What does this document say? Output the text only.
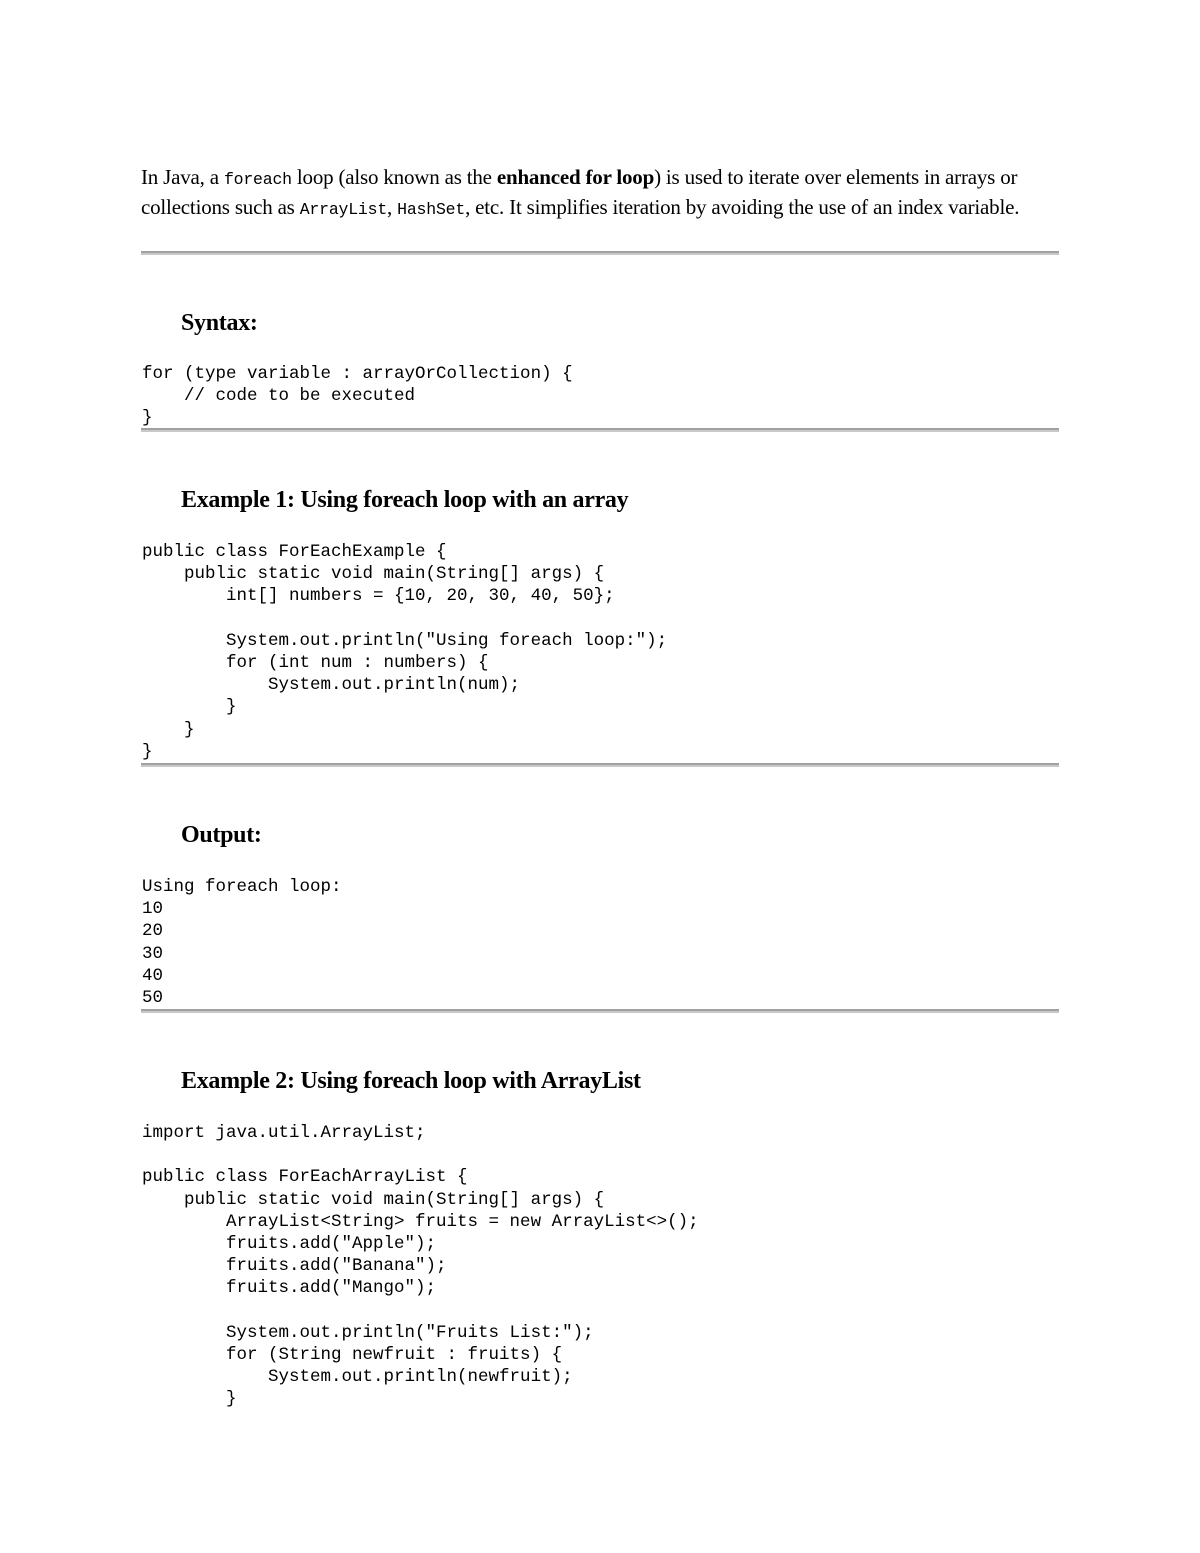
In Java, a foreach loop (also known as the enhanced for loop) is used to iterate over elements in arrays or collections such as ArrayList, HashSet, etc. It simplifies iteration by avoiding the use of an index variable.

Syntax:
for (type variable : arrayOrCollection) {
// code to be executed
}
Example 1: Using foreach loop with an array
public class ForEachExample {
public static void main(String[] args) {
int[] numbers = {10, 20, 30, 40, 50};

System.out.println("Using foreach loop:");
for (int num : numbers) {
System.out.println(num);
}
}
}
Output:
Using foreach loop:
10
20
30
40
50
Example 2: Using foreach loop with ArrayList
import java.util.ArrayList;

public class ForEachArrayList {
public static void main(String[] args) {
ArrayList<String> fruits = new ArrayList<>();
fruits.add("Apple");
fruits.add("Banana");
fruits.add("Mango");

System.out.println("Fruits List:");
for (String newfruit : fruits) {
System.out.println(newfruit);
}
